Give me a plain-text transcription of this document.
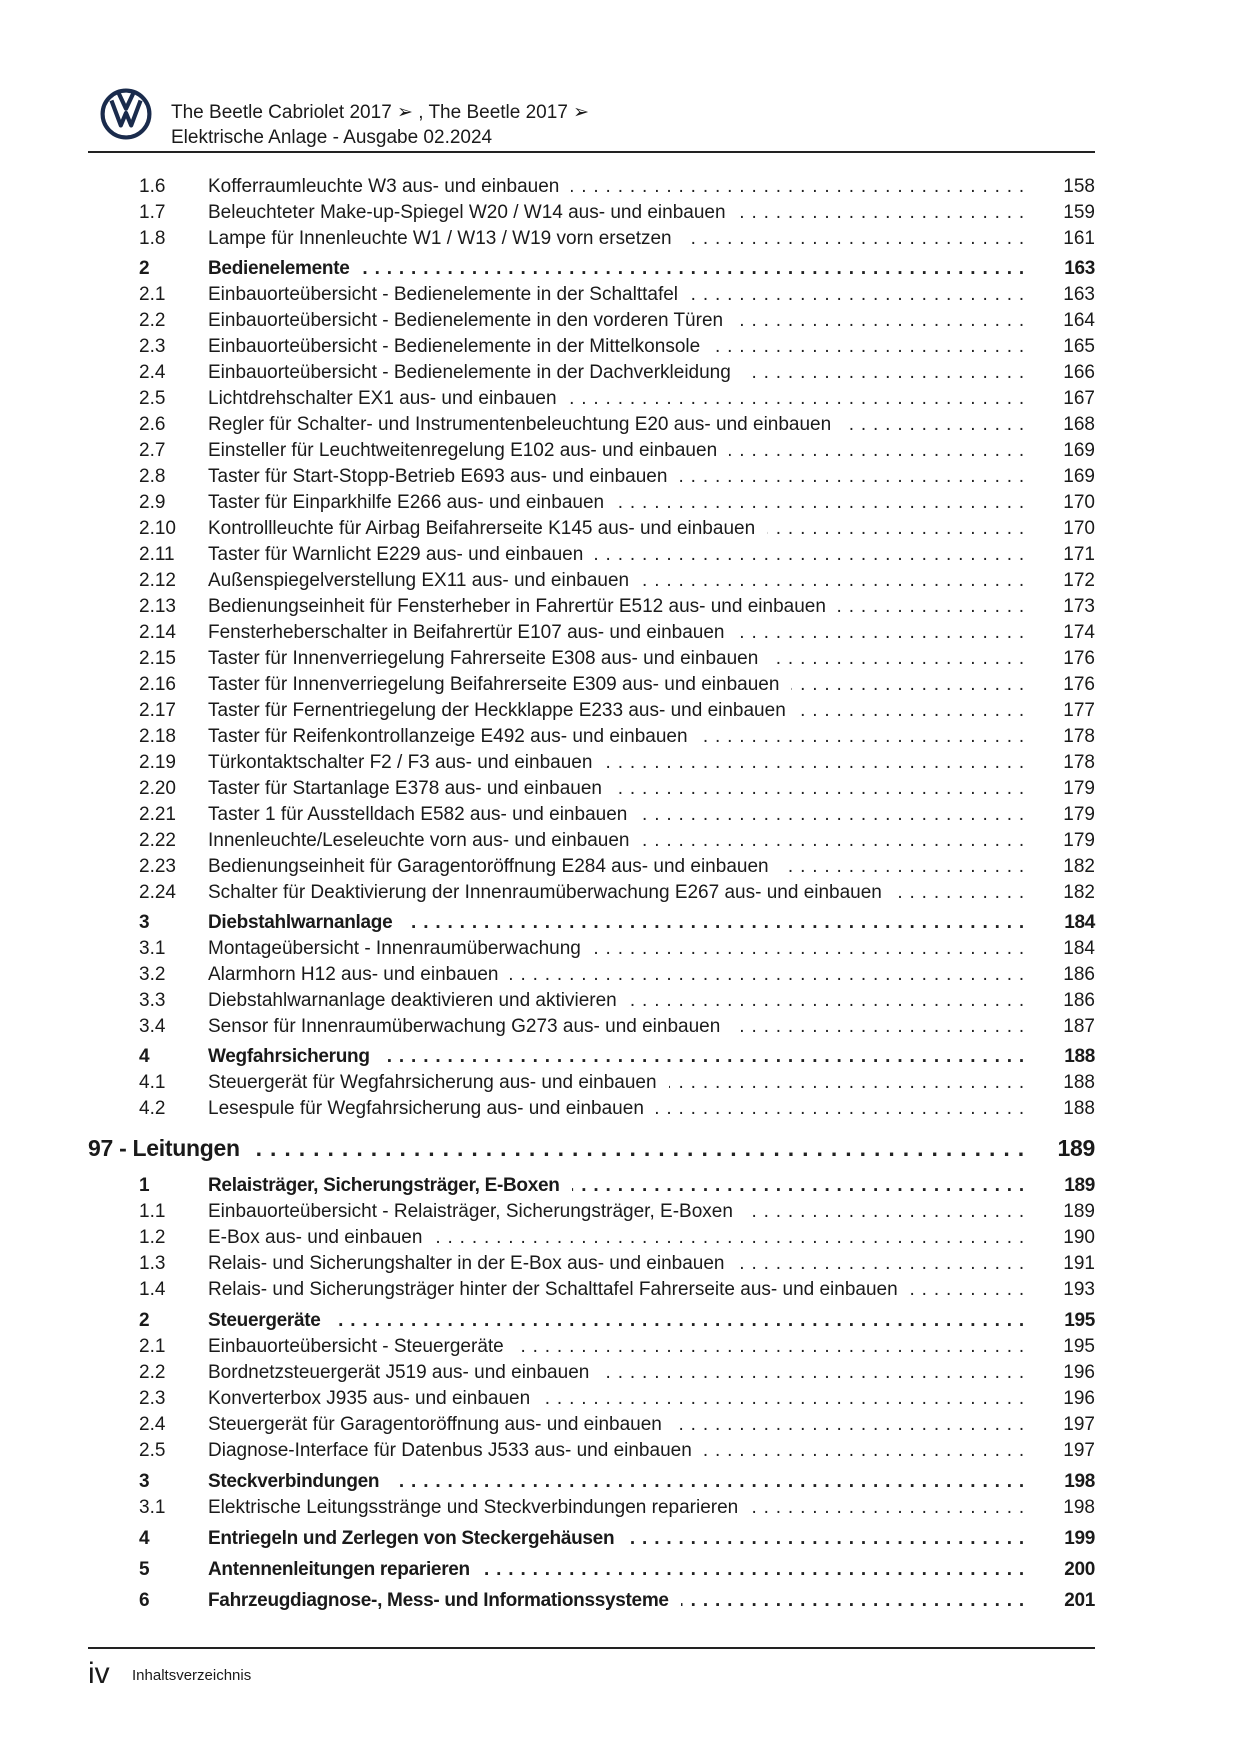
The Beetle Cabriolet 2017 ➢ , The Beetle 2017 ➢
Elektrische Anlage - Ausgabe 02.2024
1.6 Kofferraumleuchte W3 aus- und einbauen . . .	158
1.7 Beleuchteter Make-up-Spiegel W20 / W14 aus- und einbauen . . .	159
1.8 Lampe für Innenleuchte W1 / W13 / W19 vorn ersetzen . . .	161
2	Bedienelemente . . .	163
2.1 Einbauorteübersicht - Bedienelemente in der Schalttafel . . .	163
2.2 Einbauorteübersicht - Bedienelemente in den vorderen Türen . . .	164
2.3 Einbauorteübersicht - Bedienelemente in der Mittelkonsole . . .	165
2.4 Einbauorteübersicht - Bedienelemente in der Dachverkleidung . . .	166
2.5 Lichtdrehschalter EX1 aus- und einbauen . . .	167
2.6 Regler für Schalter- und Instrumentenbeleuchtung E20 aus- und einbauen . . .	168
2.7 Einsteller für Leuchtweitenregelung E102 aus- und einbauen . . .	169
2.8 Taster für Start-Stopp-Betrieb E693 aus- und einbauen . . .	169
2.9 Taster für Einparkhilfe E266 aus- und einbauen . . .	170
2.10 Kontrollleuchte für Airbag Beifahrerseite K145 aus- und einbauen . . .	170
2.11 Taster für Warnlicht E229 aus- und einbauen . . .	171
2.12 Außenspiegelverstellung EX11 aus- und einbauen . . .	172
2.13 Bedienungseinheit für Fensterheber in Fahrertür E512 aus- und einbauen . . .	173
2.14 Fensterheberschalter in Beifahrertür E107 aus- und einbauen . . .	174
2.15 Taster für Innenverriegelung Fahrerseite E308 aus- und einbauen . . .	176
2.16 Taster für Innenverriegelung Beifahrerseite E309 aus- und einbauen . . .	176
2.17 Taster für Fernentriegelung der Heckklappe E233 aus- und einbauen . . .	177
2.18 Taster für Reifenkontrollanzeige E492 aus- und einbauen . . .	178
2.19 Türkontaktschalter F2 / F3 aus- und einbauen . . .	178
2.20 Taster für Startanlage E378 aus- und einbauen . . .	179
2.21 Taster 1 für Ausstelldach E582 aus- und einbauen . . .	179
2.22 Innenleuchte/Leseleuchte vorn aus- und einbauen . . .	179
2.23 Bedienungseinheit für Garagentoröffnung E284 aus- und einbauen . . .	182
2.24 Schalter für Deaktivierung der Innenraumüberwachung E267 aus- und einbauen . . .	182
3	Diebstahlwarnanlage . . .	184
3.1 Montageübersicht - Innenraumüberwachung . . .	184
3.2 Alarmhorn H12 aus- und einbauen . . .	186
3.3 Diebstahlwarnanlage deaktivieren und aktivieren . . .	186
3.4 Sensor für Innenraumüberwachung G273 aus- und einbauen . . .	187
4	Wegfahrsicherung . . .	188
4.1 Steuergerät für Wegfahrsicherung aus- und einbauen . . .	188
4.2 Lesespule für Wegfahrsicherung aus- und einbauen . . .	188
97 - Leitungen . . .	189
1	Relaisträger, Sicherungsträger, E-Boxen . . .	189
1.1 Einbauorteübersicht - Relaisträger, Sicherungsträger, E-Boxen . . .	189
1.2 E-Box aus- und einbauen . . .	190
1.3 Relais- und Sicherungshalter in der E-Box aus- und einbauen . . .	191
1.4 Relais- und Sicherungsträger hinter der Schalttafel Fahrerseite aus- und einbauen . . .	193
2	Steuergeräte . . .	195
2.1 Einbauorteübersicht - Steuergeräte . . .	195
2.2 Bordnetzsteuergerät J519 aus- und einbauen . . .	196
2.3 Konverterbox J935 aus- und einbauen . . .	196
2.4 Steuergerät für Garagentoröffnung aus- und einbauen . . .	197
2.5 Diagnose-Interface für Datenbus J533 aus- und einbauen . . .	197
3	Steckverbindungen . . .	198
3.1 Elektrische Leitungsstränge und Steckverbindungen reparieren . . .	198
4	Entriegeln und Zerlegen von Steckergehäusen . . .	199
5	Antennenleitungen reparieren . . .	200
6	Fahrzeugdiagnose-, Mess- und Informationssysteme . . .	201
iv Inhaltsverzeichnis
